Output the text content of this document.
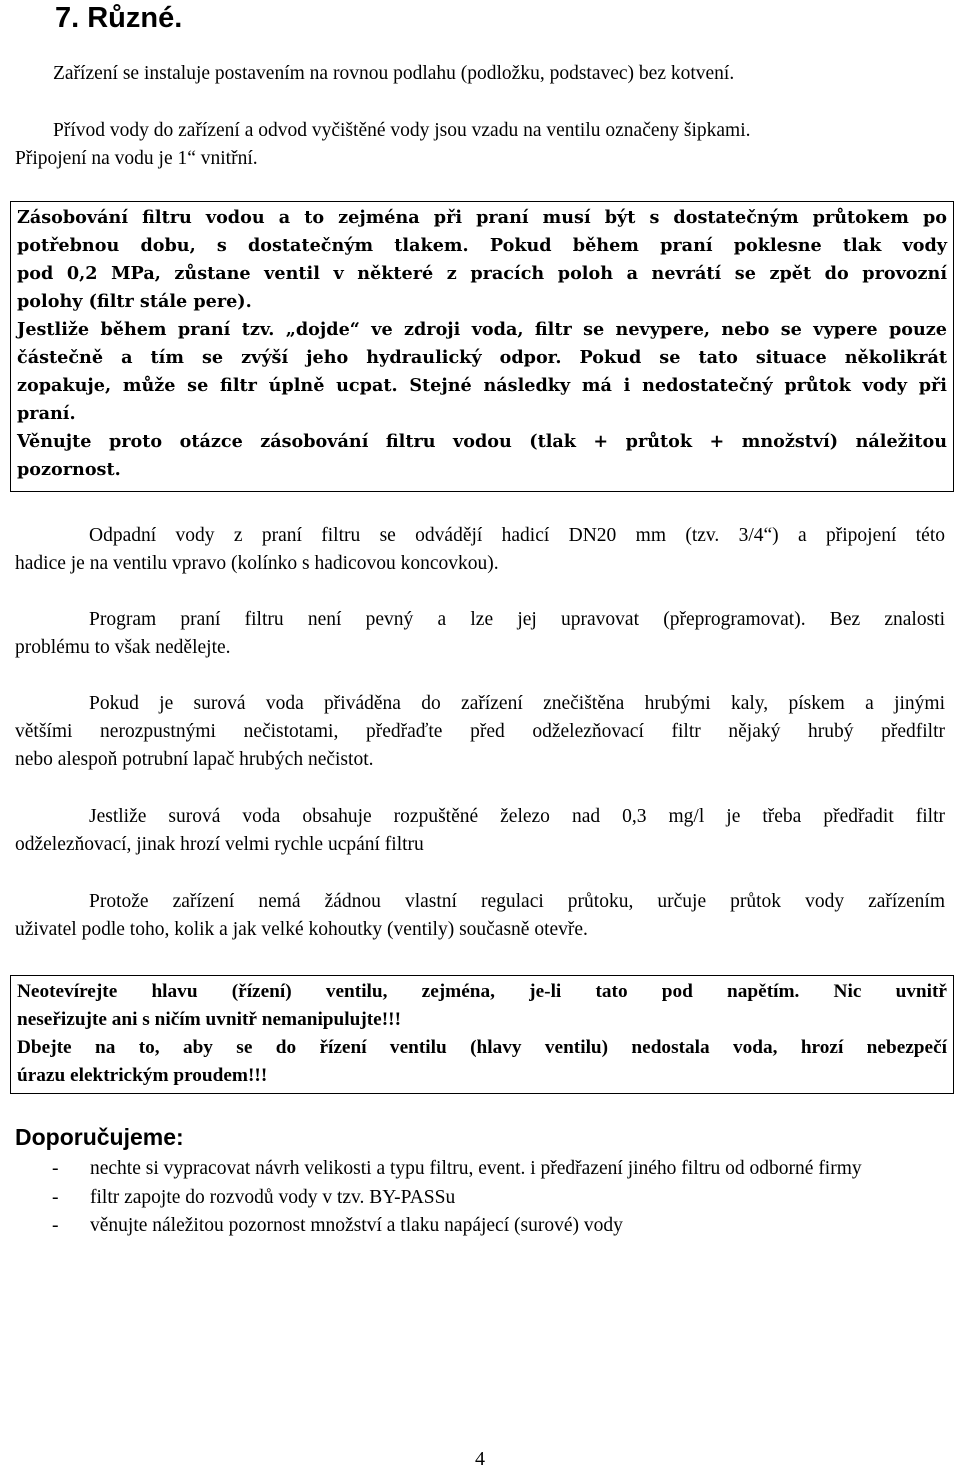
7. Různé.

Zařízení se instaluje postavením na rovnou podlahu (podložku, podstavec) bez kotvení.

Přívod vody do zařízení a odvod vyčištěné vody jsou vzadu na ventilu označeny šipkami.
Připojení na vodu je 1“ vnitřní.

Zásobování filtru vodou a to zejména při praní musí být s dostatečným průtokem po
potřebnou dobu, s dostatečným tlakem. Pokud během praní poklesne tlak vody
pod 0,2 MPa, zůstane ventil v některé z pracích poloh a nevrátí se zpět do provozní
polohy (filtr stále pere).
Jestliže během praní tzv. „dojde“ ve zdroji voda, filtr se nevypere, nebo se vypere pouze
částečně a tím se zvýší jeho hydraulický odpor. Pokud se tato situace několikrát
zopakuje, může se filtr úplně ucpat. Stejné následky má i nedostatečný průtok vody při
praní.
Věnujte proto otázce zásobování filtru vodou (tlak + průtok + množství) náležitou
pozornost.
Odpadní vody z praní filtru se odvádějí hadicí DN20 mm (tzv. 3/4“) a připojení této
hadice je na ventilu vpravo (kolínko s hadicovou koncovkou).
Program praní filtru není pevný a lze jej upravovat (přeprogramovat). Bez znalosti
problému to však nedělejte.
Pokud je surová voda přiváděna do zařízení znečištěna hrubými kaly, pískem a jinými
většími nerozpustnými nečistotami, předřaďte před odželezňovací filtr nějaký hrubý předfiltr
nebo alespoň potrubní lapač hrubých nečistot.
Jestliže surová voda obsahuje rozpuštěné železo nad 0,3 mg/l je třeba předřadit filtr
odželezňovací, jinak hrozí velmi rychle ucpání filtru
Protože zařízení nemá žádnou vlastní regulaci průtoku, určuje průtok vody zařízením
uživatel podle toho, kolik a jak velké kohoutky (ventily) současně otevře.
Neotevírejte hlavu (řízení) ventilu, zejména, je-li tato pod napětím. Nic uvnitř
neseřizujte ani s ničím uvnitř nemanipulujte!!!
Dbejte na to, aby se do řízení ventilu (hlavy ventilu) nedostala voda, hrozí nebezpečí
úrazu elektrickým proudem!!!
Doporučujeme:
- nechte si vypracovat návrh velikosti a typu filtru, event. i předřazení jiného filtru od odborné firmy
- filtr zapojte do rozvodů vody v tzv. BY-PASSu
- věnujte náležitou pozornost množství a tlaku napájecí (surové) vody
4
